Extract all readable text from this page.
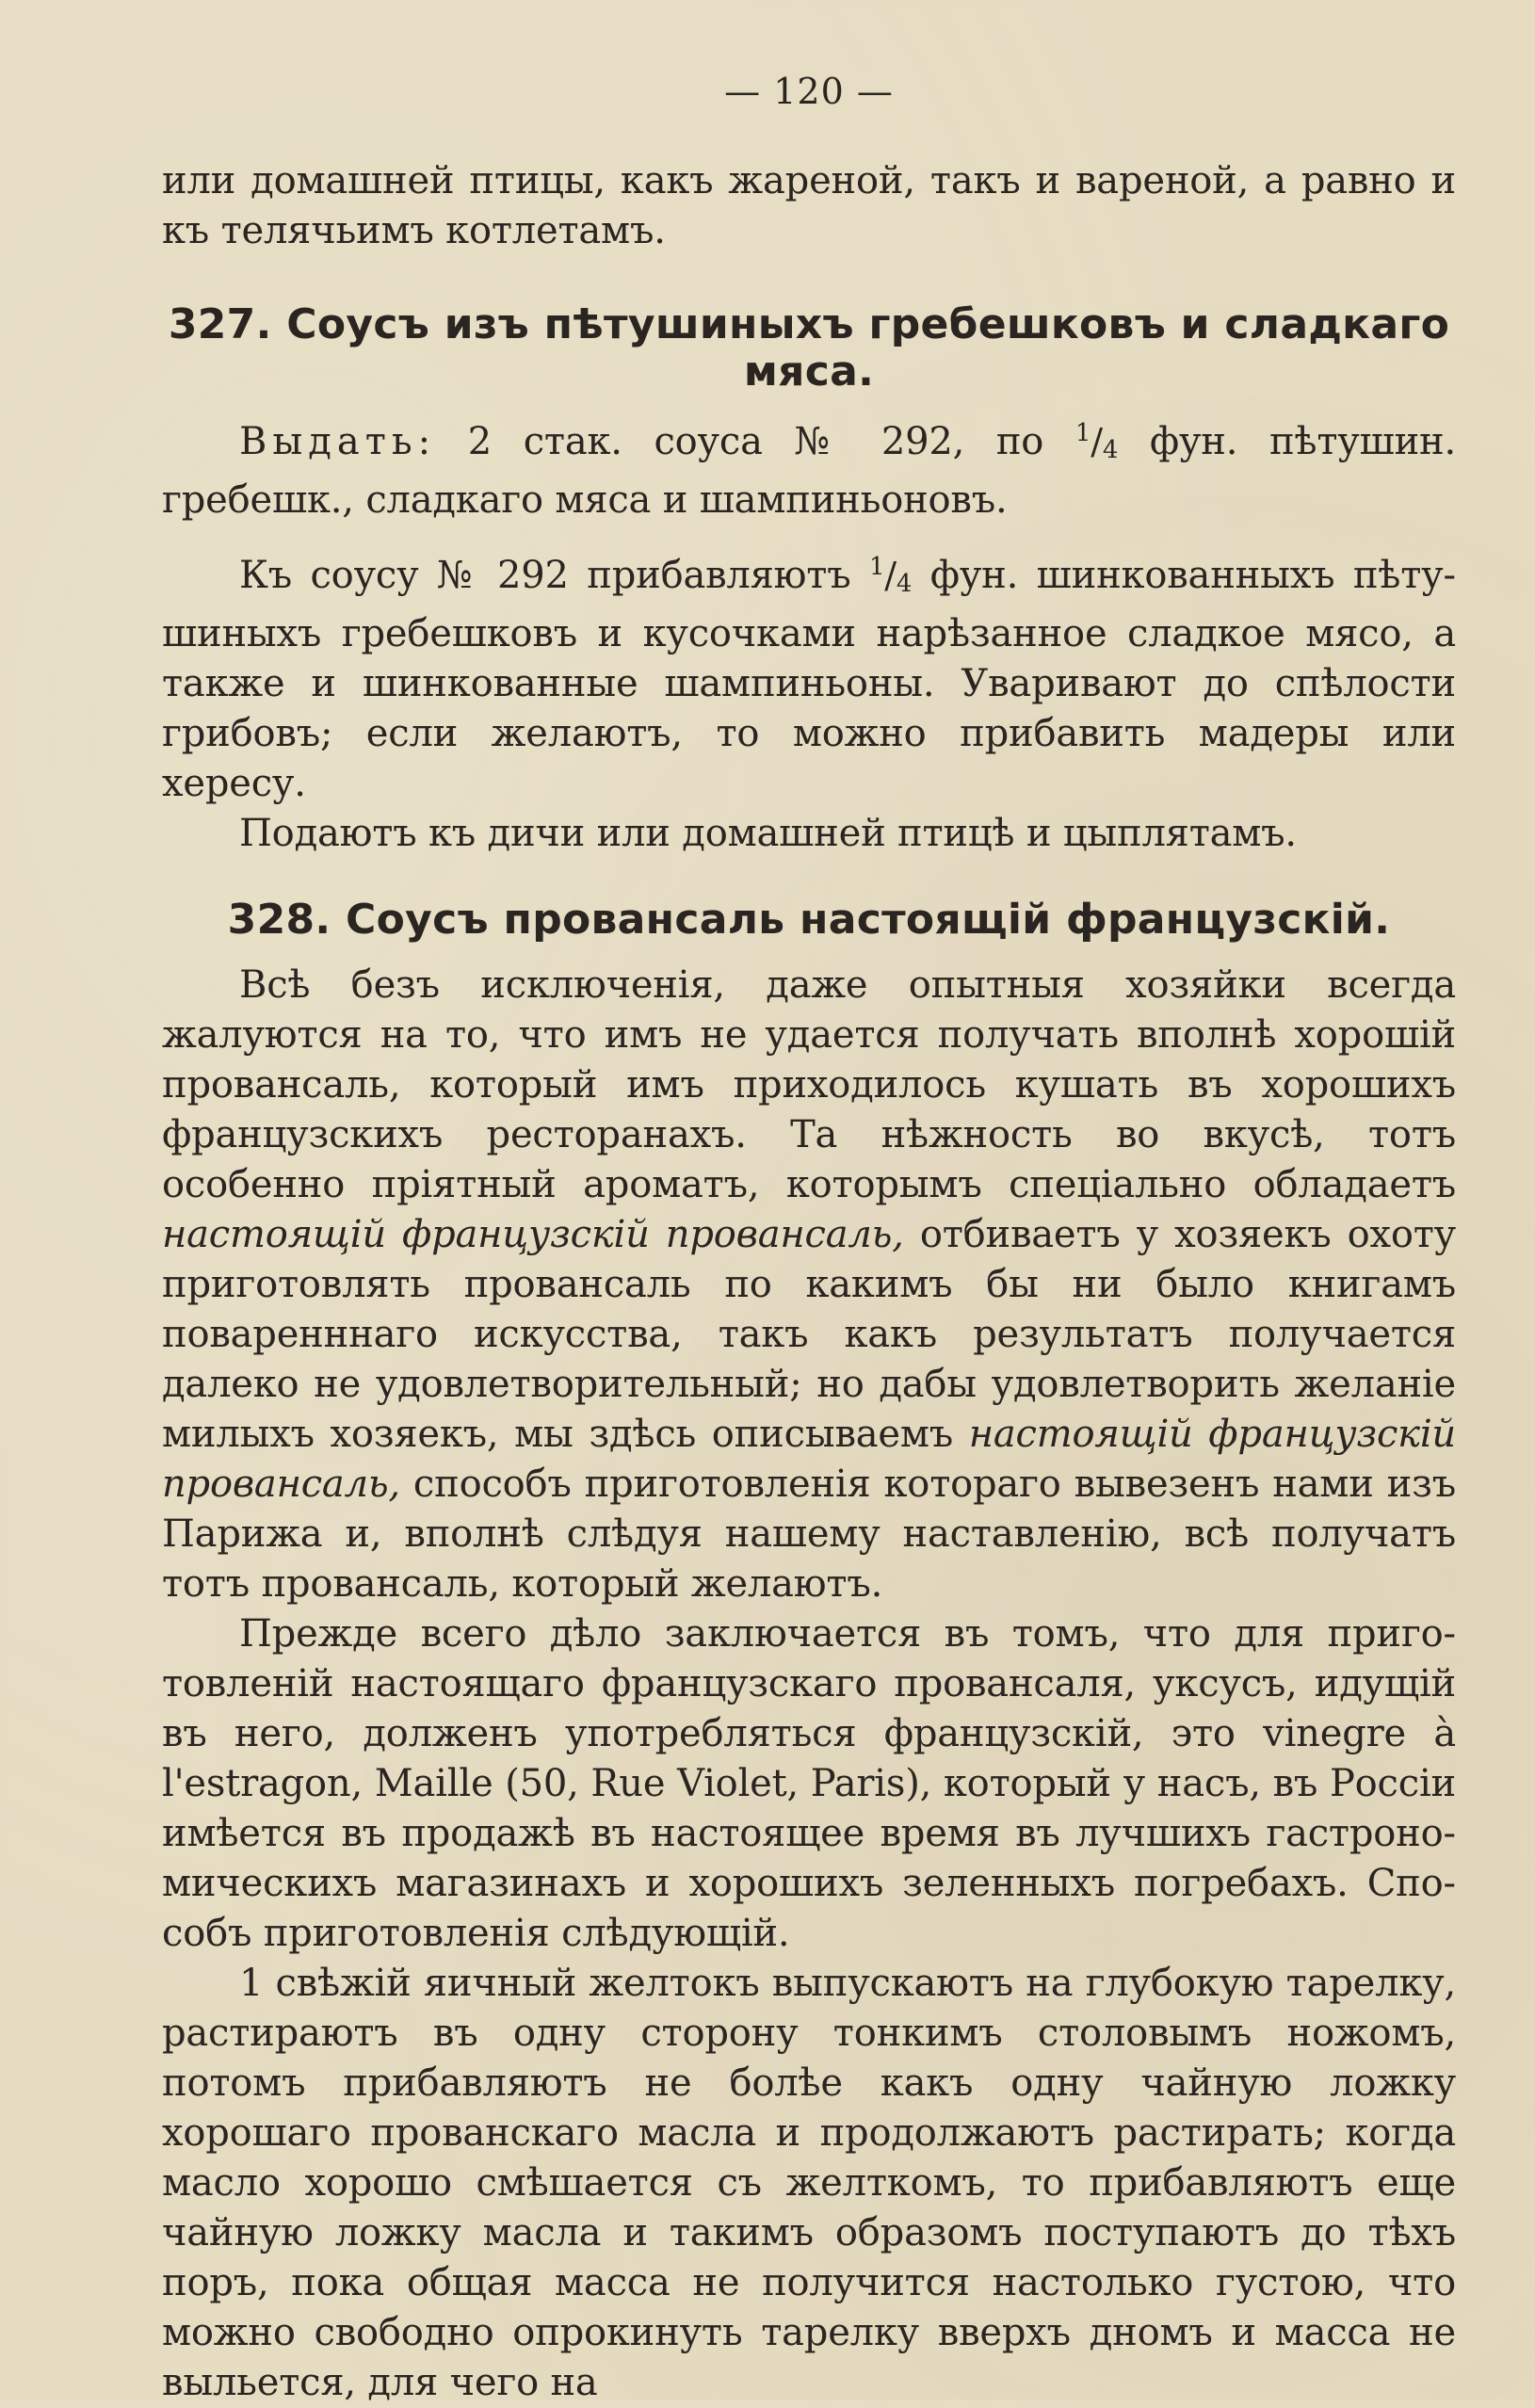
— 120 —

или домашней птицы, какъ жареной, такъ и вареной, а равно и къ телячьимъ котлетамъ.

327. Соусъ изъ пѣтушиныхъ гребешковъ и сладкаго мяса.

Выдать: 2 стак. соуса № 292, по $^1/_4$ фун. пѣтушин. гребешк., сладкаго мяса и шампиньоновъ.

Къ соусу № 292 прибавляютъ $^1/_4$ фун. шинкованныхъ пѣтушиныхъ гребешковъ и кусочками нарѣзанное сладкое мясо, а также и шинкованные шампиньоны. Уваривают до спѣлости грибовъ; если желаютъ, то можно прибавить мадеры или хересу.

Подаютъ къ дичи или домашней птицѣ и цыплятамъ.

328. Соусъ провансаль настоящій французскій.

Всѣ безъ исключенія, даже опытныя хозяйки всегда жалуются на то, что имъ не удается получать вполнѣ хорошій провансаль, который имъ приходилось кушать въ хорошихъ французскихъ ресторанахъ. Та нѣжность во вкусѣ, тотъ особенно пріятный ароматъ, которымъ спеціально обладаетъ настоящій французскій провансаль, отбиваетъ у хозяекъ охоту приготовлять провансаль по какимъ бы ни было книгамъ поваренннаго искусства, такъ какъ результатъ получается далеко не удовлетворительный; но дабы удовлетворить желаніе милыхъ хозяекъ, мы здѣсь описываемъ настоящій французскій провансаль, способъ приготовленія котораго вывезенъ нами изъ Парижа и, вполнѣ слѣдуя нашему наставленію, всѣ получатъ тотъ провансаль, который желаютъ.

Прежде всего дѣло заключается въ томъ, что для приготовленій настоящаго французскаго провансаля, уксусъ, идущій въ него, долженъ употребляться французскій, это vinegre à l'estragon, Maille (50, Rue Violet, Paris), который у насъ, въ Россіи имѣется въ продажѣ въ настоящее время въ лучшихъ гастрономическихъ магазинахъ и хорошихъ зеленныхъ погребахъ. Способъ приготовленія слѣдующій.

1 свѣжій яичный желтокъ выпускаютъ на глубокую тарелку, растираютъ въ одну сторону тонкимъ столовымъ ножомъ, потомъ прибавляютъ не болѣе какъ одну чайную ложку хорошаго прованскаго масла и продолжаютъ растирать; когда масло хорошо смѣшается съ желткомъ, то прибавляютъ еще чайную ложку масла и такимъ образомъ поступаютъ до тѣхъ поръ, пока общая масса не получится настолько густою, что можно свободно опрокинуть тарелку вверхъ дномъ и масса не выльется, для чего на
